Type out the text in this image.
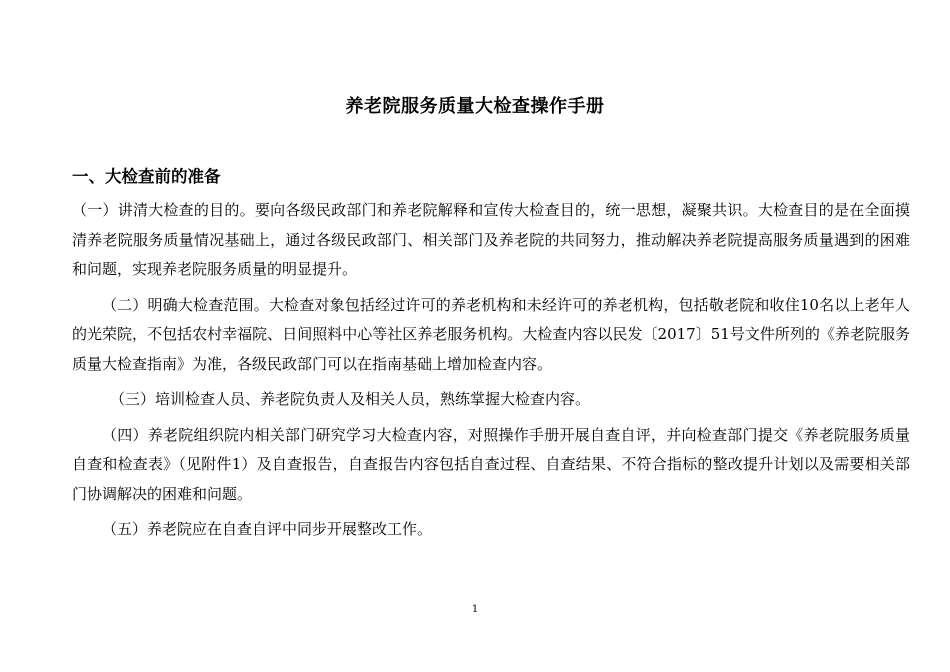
养老院服务质量大检查操作手册
一、大检查前的准备

（一）讲清大检查的目的。要向各级民政部门和养老院解释和宣传大检查目的，统一思想，凝聚共识。大检查目的是在全面摸清养老院服务质量情况基础上，通过各级民政部门、相关部门及养老院的共同努力，推动解决养老院提高服务质量遇到的困难和问题，实现养老院服务质量的明显提升。

（二）明确大检查范围。大检查对象包括经过许可的养老机构和未经许可的养老机构，包括敬老院和收住10名以上老年人的光荣院，不包括农村幸福院、日间照料中心等社区养老服务机构。大检查内容以民发〔2017〕51号文件所列的《养老院服务质量大检查指南》为准，各级民政部门可以在指南基础上增加检查内容。

（三）培训检查人员、养老院负责人及相关人员，熟练掌握大检查内容。

（四）养老院组织院内相关部门研究学习大检查内容，对照操作手册开展自查自评，并向检查部门提交《养老院服务质量自查和检查表》（见附件1）及自查报告，自查报告内容包括自查过程、自查结果、不符合指标的整改提升计划以及需要相关部门协调解决的困难和问题。

（五）养老院应在自查自评中同步开展整改工作。

1
